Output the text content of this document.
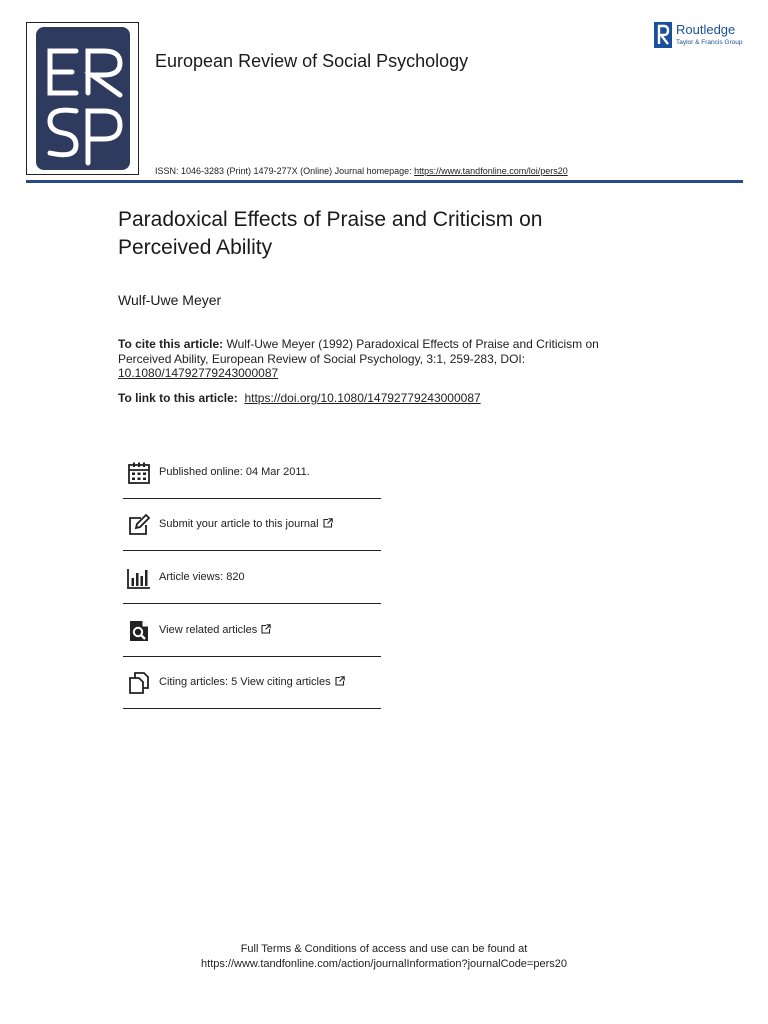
European Review of Social Psychology
Routledge
Taylor & Francis Group
ISSN: 1046-3283 (Print) 1479-277X (Online) Journal homepage: https://www.tandfonline.com/loi/pers20
Paradoxical Effects of Praise and Criticism on Perceived Ability
Wulf-Uwe Meyer
To cite this article: Wulf-Uwe Meyer (1992) Paradoxical Effects of Praise and Criticism on Perceived Ability, European Review of Social Psychology, 3:1, 259-283, DOI: 10.1080/14792779243000087
To link to this article: https://doi.org/10.1080/14792779243000087
Published online: 04 Mar 2011.
Submit your article to this journal
Article views: 820
View related articles
Citing articles: 5 View citing articles
Full Terms & Conditions of access and use can be found at
https://www.tandfonline.com/action/journalInformation?journalCode=pers20
